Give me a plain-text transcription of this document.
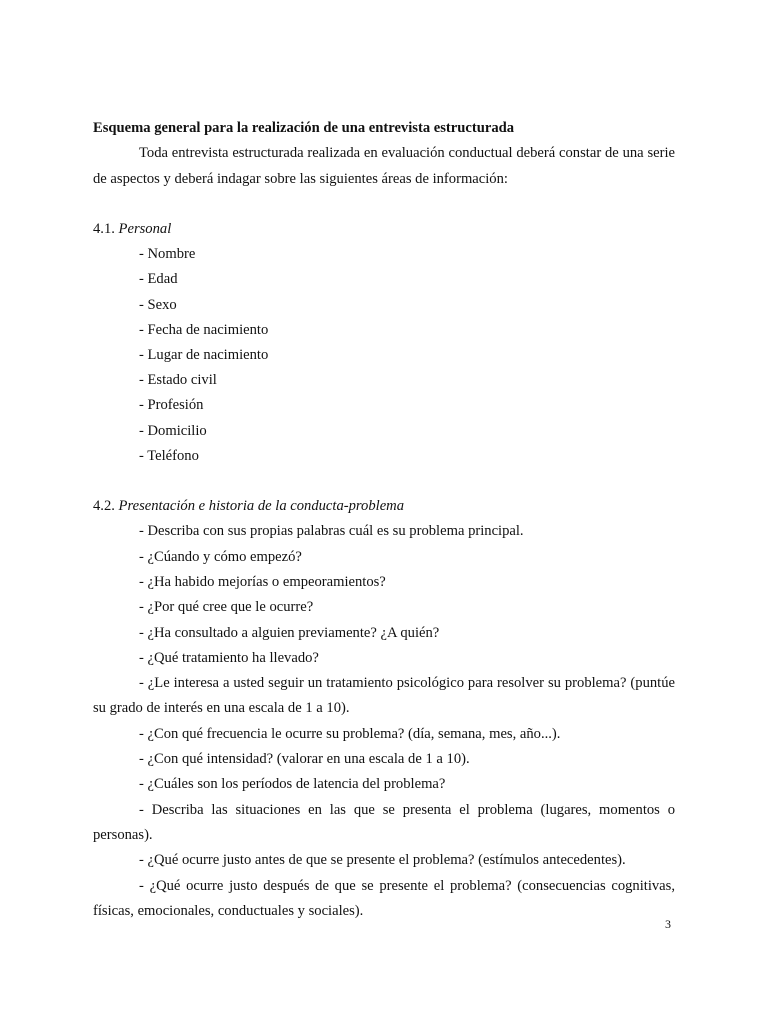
Esquema general para la realización de una entrevista estructurada
Toda entrevista estructurada realizada en evaluación conductual deberá constar de una serie de aspectos y deberá indagar sobre las siguientes áreas de información:
4.1. Personal
- Nombre
- Edad
- Sexo
- Fecha de nacimiento
- Lugar de nacimiento
- Estado civil
- Profesión
- Domicilio
- Teléfono
4.2. Presentación e historia de la conducta-problema
- Describa con sus propias palabras cuál es su problema principal.
- ¿Cúando y cómo empezó?
- ¿Ha habido mejorías o empeoramientos?
- ¿Por qué cree que le ocurre?
- ¿Ha consultado a alguien previamente? ¿A quién?
- ¿Qué tratamiento ha llevado?
- ¿Le interesa a usted seguir un tratamiento psicológico para resolver su problema? (puntúe su grado de interés en una escala de 1 a 10).
- ¿Con qué frecuencia le ocurre su problema? (día, semana, mes, año...).
- ¿Con qué intensidad? (valorar en una escala de 1 a 10).
- ¿Cuáles son los períodos de latencia del problema?
- Describa las situaciones en las que se presenta el problema (lugares, momentos o personas).
- ¿Qué ocurre justo antes de que se presente el problema? (estímulos antecedentes).
- ¿Qué ocurre justo después de que se presente el problema? (consecuencias cognitivas, físicas, emocionales, conductuales y sociales).
3
